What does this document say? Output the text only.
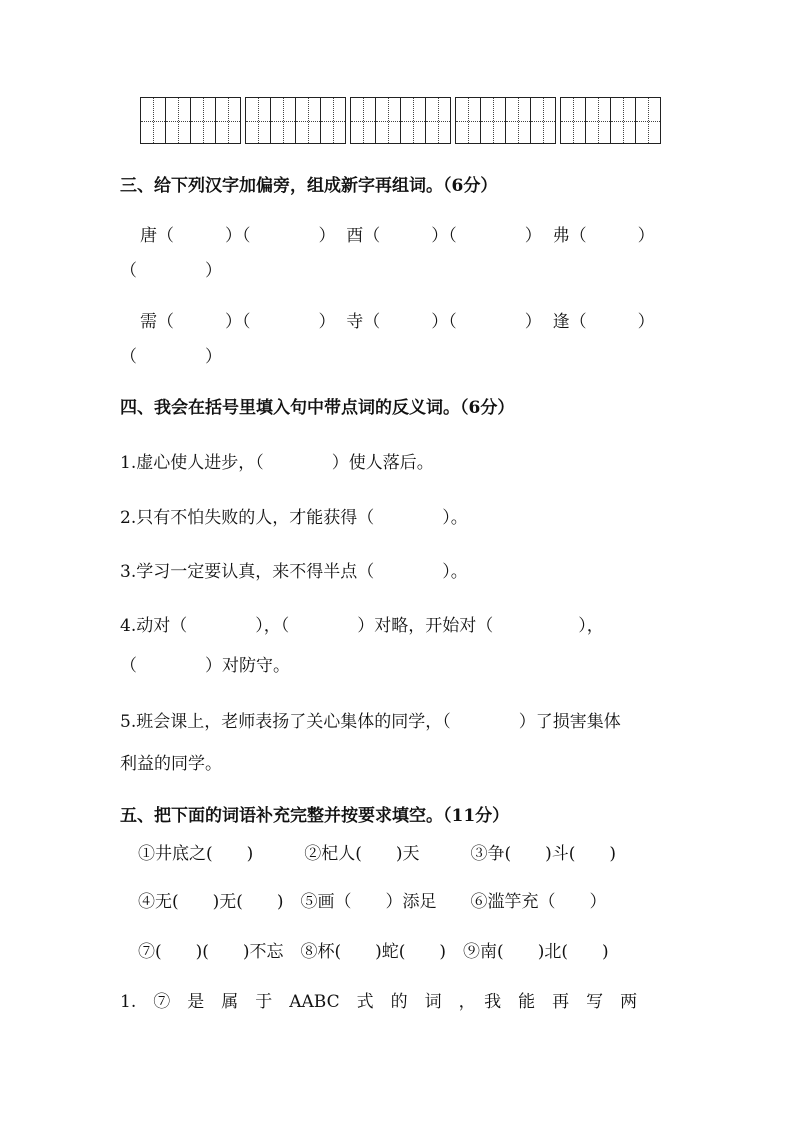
三、给下列汉字加偏旁，组成新字再组词。（6分）
唐（　　　）（　　　　）  酉（　　　）（　　　　）  弗（　　　）
（　　　　）
需（　　　）（　　　　）  寺（　　　）（　　　　）  逢（　　　）
（　　　　）
四、我会在括号里填入句中带点词的反义词。（6分）
1.虚心使人进步，（　　　　）使人落后。
2.只有不怕失败的人，才能获得（　　　　）。
3.学习一定要认真，来不得半点（　　　　）。
4.动对（　　　　），（　　　　）对略，开始对（　　　　　），
（　　　　）对防守。
5.班会课上，老师表扬了关心集体的同学，（　　　　）了损害集体
利益的同学。
五、把下面的词语补充完整并按要求填空。（11分）
①井底之(　　)　　　②杞人(　　)天　　　③争(　　)斗(　　)
④无(　　)无(　　)　⑤画（　　）添足　　⑥滥竽充（　　）
⑦(　　)(　　)不忘　⑧杯(　　)蛇(　　)　⑨南(　　)北(　　)
1.　⑦　是　属　于　AABC　式　的　词　，　我　能　再　写　两
